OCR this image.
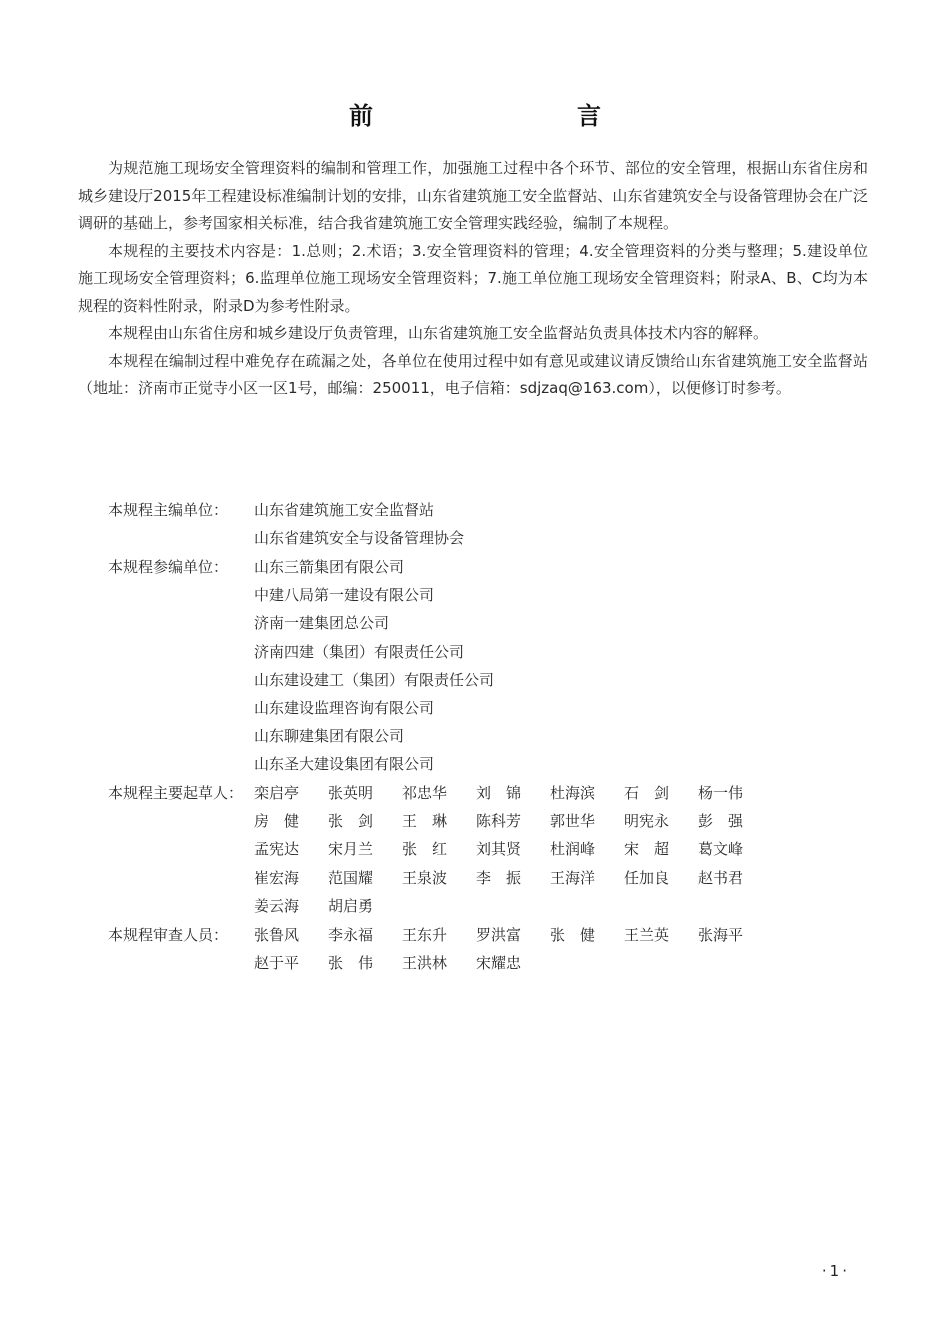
前　　言

为规范施工现场安全管理资料的编制和管理工作，加强施工过程中各个环节、部位的安全管理，根据山东省住房和城乡建设厅2015年工程建设标准编制计划的安排，山东省建筑施工安全监督站、山东省建筑安全与设备管理协会在广泛调研的基础上，参考国家相关标准，结合我省建筑施工安全管理实践经验，编制了本规程。

本规程的主要技术内容是：1.总则；2.术语；3.安全管理资料的管理；4.安全管理资料的分类与整理；5.建设单位施工现场安全管理资料；6.监理单位施工现场安全管理资料；7.施工单位施工现场安全管理资料；附录A、B、C均为本规程的资料性附录，附录D为参考性附录。

本规程由山东省住房和城乡建设厅负责管理，山东省建筑施工安全监督站负责具体技术内容的解释。

本规程在编制过程中难免存在疏漏之处，各单位在使用过程中如有意见或建议请反馈给山东省建筑施工安全监督站（地址：济南市正觉寺小区一区1号，邮编：250011，电子信箱：sdjzaq@163.com），以便修订时参考。

本规程主编单位：	山东省建筑施工安全监督站
山东省建筑安全与设备管理协会
本规程参编单位：	山东三箭集团有限公司
中建八局第一建设有限公司
济南一建集团总公司
济南四建（集团）有限责任公司
山东建设建工（集团）有限责任公司
山东建设监理咨询有限公司
山东聊建集团有限公司
山东圣大建设集团有限公司
本规程主要起草人： 栾启亭	张英明	祁忠华	刘　锦	杜海滨	石　剑	杨一伟
房　健	张　剑	王　琳	陈科芳	郭世华	明宪永	彭　强
孟宪达	宋月兰	张　红	刘其贤	杜润峰	宋　超	葛文峰
崔宏海	范国耀	王泉波	李　振	王海洋	任加良	赵书君
姜云海	胡启勇
本规程审查人员：	张鲁风	李永福	王东升	罗洪富	张　健	王兰英	张海平
赵于平	张　伟	王洪林	宋耀忠
·1·
